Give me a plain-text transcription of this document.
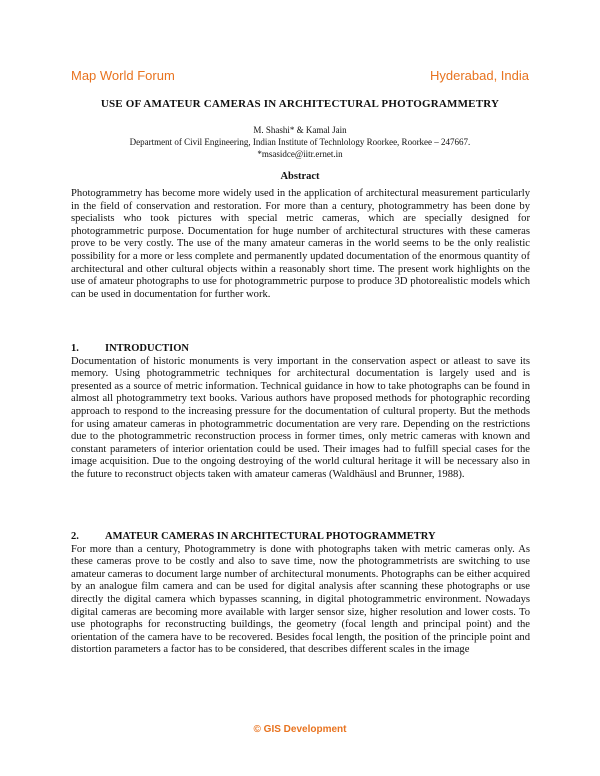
Map World Forum	Hyderabad, India
USE OF AMATEUR CAMERAS IN ARCHITECTURAL PHOTOGRAMMETRY
M. Shashi* & Kamal Jain
Department of Civil Engineering, Indian Institute of Technlology Roorkee, Roorkee – 247667.
*msasidce@iitr.ernet.in
Abstract

Photogrammetry has become more widely used in the application of architectural measurement particularly in the field of conservation and restoration. For more than a century, photogrammetry has been done by specialists who took pictures with special metric cameras, which are specially designed for photogrammetric purpose. Documentation for huge number of architectural structures with these cameras prove to be very costly. The use of the many amateur cameras in the world seems to be the only realistic possibility for a more or less complete and permanently updated documentation of the enormous quantity of architectural and other cultural objects within a reasonably short time. The present work highlights on the use of amateur photographs to use for photogrammetric purpose to produce 3D photorealistic models which can be used in documentation for further work.

1.	INTRODUCTION

Documentation of historic monuments is very important in the conservation aspect or atleast to save its memory. Using photogrammetric techniques for architectural documentation is largely used and is presented as a source of metric information. Technical guidance in how to take photographs can be found in almost all photogrammetry text books. Various authors have proposed methods for photographic recording approach to respond to the increasing pressure for the documentation of cultural property. But the methods for using amateur cameras in photogrammetric documentation are very rare. Depending on the restrictions due to the photogrammetric reconstruction process in former times, only metric cameras with known and constant parameters of interior orientation could be used. Their images had to fulfill special cases for the image acquisition. Due to the ongoing destroying of the world cultural heritage it will be necessary also in the future to reconstruct objects taken with amateur cameras (Waldhäusl and Brunner, 1988).

2.	AMATEUR CAMERAS IN ARCHITECTURAL PHOTOGRAMMETRY

For more than a century, Photogrammetry is done with photographs taken with metric cameras only. As these cameras prove to be costly and also to save time, now the photogrammetrists are switching to use amateur cameras to document large number of architectural monuments. Photographs can be either acquired by an analogue film camera and can be used for digital analysis after scanning these photographs or use directly the digital camera which bypasses scanning, in digital photogrammetric environment. Nowadays digital cameras are becoming more available with larger sensor size, higher resolution and lower costs. To use photographs for reconstructing buildings, the geometry (focal length and principal point) and the orientation of the camera have to be recovered. Besides focal length, the position of the principle point and distortion parameters a factor has to be considered, that describes different scales in the image

© GIS Development
